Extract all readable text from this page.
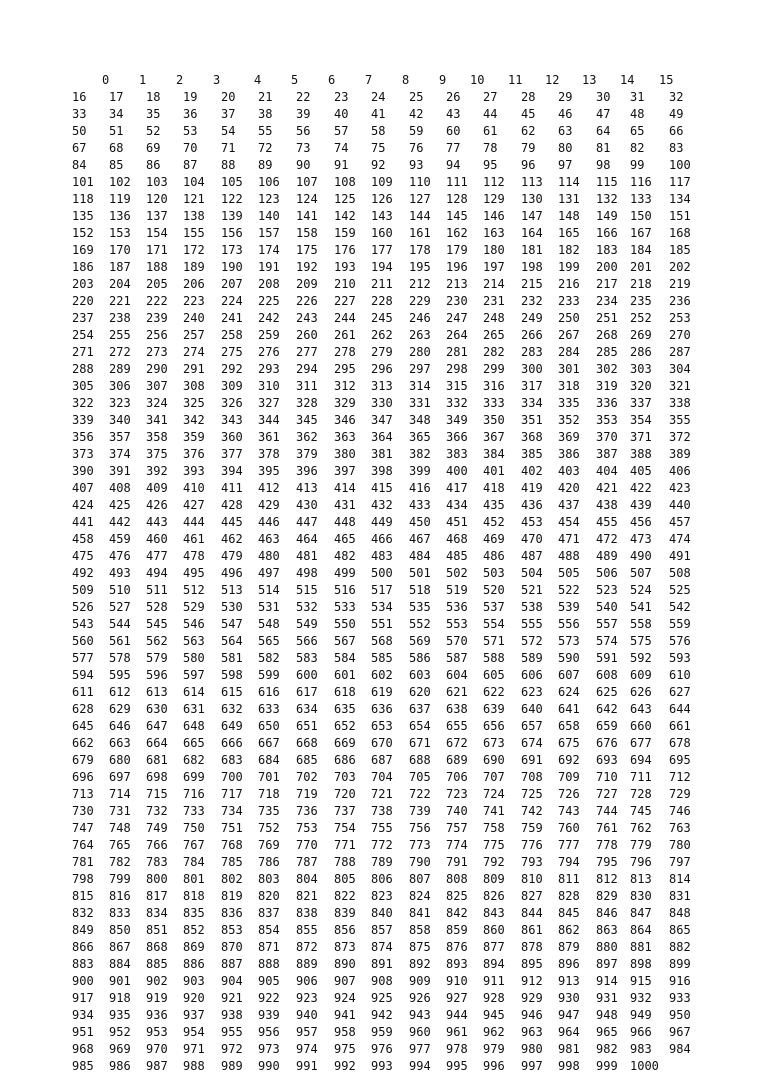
0 1 2 3	4 5 6 7 8 9 10 11 12 13 14 15
16 17 18 19 20 21 22 23 24 25 26 27 28 29 30 31 32
33 34 35 36 37 38 39 40 41 42 43 44 45 46 47 48 49
50 51 52 53 54 55 56 57 58 59 60 61 62 63 64 65 66
67 68 69 70 71 72 73 74 75 76 77 78 79 80 81 82 83
84 85 86 87 88 89 90 91 92 93 94 95 96 97 98 99 100
101 102 103 104 105 106 107 108 109 110 111 112 113 114 115 116 117
118 119 120 121 122 123 124 125 126 127 128 129 130 131 132 133 134
135 136 137 138 139 140 141 142 143 144 145 146 147 148 149 150 151
152 153 154 155 156 157 158 159 160 161 162 163 164 165 166 167 168
169 170 171 172 173 174 175 176 177 178 179 180 181 182 183 184 185
186 187 188 189 190 191 192 193 194 195 196 197 198 199 200 201 202
203 204 205 206 207 208 209 210 211 212 213 214 215 216 217 218 219
220 221 222 223 224 225 226 227 228 229 230 231 232 233 234 235 236
237 238 239 240 241 242 243 244 245 246 247 248 249 250 251 252 253
254 255 256 257 258 259 260 261 262 263 264 265 266 267 268 269 270
271 272 273 274 275 276 277 278 279 280 281 282 283 284 285 286 287
288 289 290 291 292 293 294 295 296 297 298 299 300 301 302 303 304
305 306 307 308 309 310 311 312 313 314 315 316 317 318 319 320 321
322 323 324 325 326 327 328 329 330 331 332 333 334 335 336 337 338
339 340 341 342 343 344 345 346 347 348 349 350 351 352 353 354 355
356 357 358 359 360 361 362 363 364 365 366 367 368 369 370 371 372
373 374 375 376 377 378 379 380 381 382 383 384 385 386 387 388 389
390 391 392 393 394 395 396 397 398 399 400 401 402 403 404 405 406
407 408 409 410 411 412 413 414 415 416 417 418 419 420 421 422 423
424 425 426 427 428 429 430 431 432 433 434 435 436 437 438 439 440
441 442 443 444 445 446 447 448 449 450 451 452 453 454 455 456 457
458 459 460 461 462 463 464 465 466 467 468 469 470 471 472 473 474
475 476 477 478 479 480 481 482 483 484 485 486 487 488 489 490 491
492 493 494 495 496 497 498 499 500 501 502 503 504 505 506 507 508
509 510 511 512 513 514 515 516 517 518 519 520 521 522 523 524 525
526 527 528 529 530 531 532 533 534 535 536 537 538 539 540 541 542
543 544 545 546 547 548 549 550 551 552 553 554 555 556 557 558 559
560 561 562 563 564 565 566 567 568 569 570 571 572 573 574 575 576
577 578 579 580 581 582 583 584 585 586 587 588 589 590 591 592 593
594 595 596 597 598 599 600 601 602 603 604 605 606 607 608 609 610
611 612 613 614 615 616 617 618 619 620 621 622 623 624 625 626 627
628 629 630 631 632 633 634 635 636 637 638 639 640 641 642 643 644
645 646 647 648 649 650 651 652 653 654 655 656 657 658 659 660 661
662 663 664 665 666 667 668 669 670 671 672 673 674 675 676 677 678
679 680 681 682 683 684 685 686 687 688 689 690 691 692 693 694 695
696 697 698 699 700 701 702 703 704 705 706 707 708 709 710 711 712
713 714 715 716 717 718 719 720 721 722 723 724 725 726 727 728 729
730 731 732 733 734 735 736 737 738 739 740 741 742 743 744 745 746
747 748 749 750 751 752 753 754 755 756 757 758 759 760 761 762 763
764 765 766 767 768 769 770 771 772 773 774 775 776 777 778 779 780
781 782 783 784 785 786 787 788 789 790 791 792 793 794 795 796 797
798 799 800 801 802 803 804 805 806 807 808 809 810 811 812 813 814
815 816 817 818 819 820 821 822 823 824 825 826 827 828 829 830 831
832 833 834 835 836 837 838 839 840 841 842 843 844 845 846 847 848
849 850 851 852 853 854 855 856 857 858 859 860 861 862 863 864 865
866 867 868 869 870 871 872 873 874 875 876 877 878 879 880 881 882
883 884 885 886 887 888 889 890 891 892 893 894 895 896 897 898 899
900 901 902 903 904 905 906 907 908 909 910 911 912 913 914 915 916
917 918 919 920 921 922 923 924 925 926 927 928 929 930 931 932 933
934 935 936 937 938 939 940 941 942 943 944 945 946 947 948 949 950
951 952 953 954 955 956 957 958 959 960 961 962 963 964 965 966 967
968 969 970 971 972 973 974 975 976 977 978 979 980 981 982 983 984
985 986 987 988 989 990 991 992 993 994 995 996 997 998 999 1000
